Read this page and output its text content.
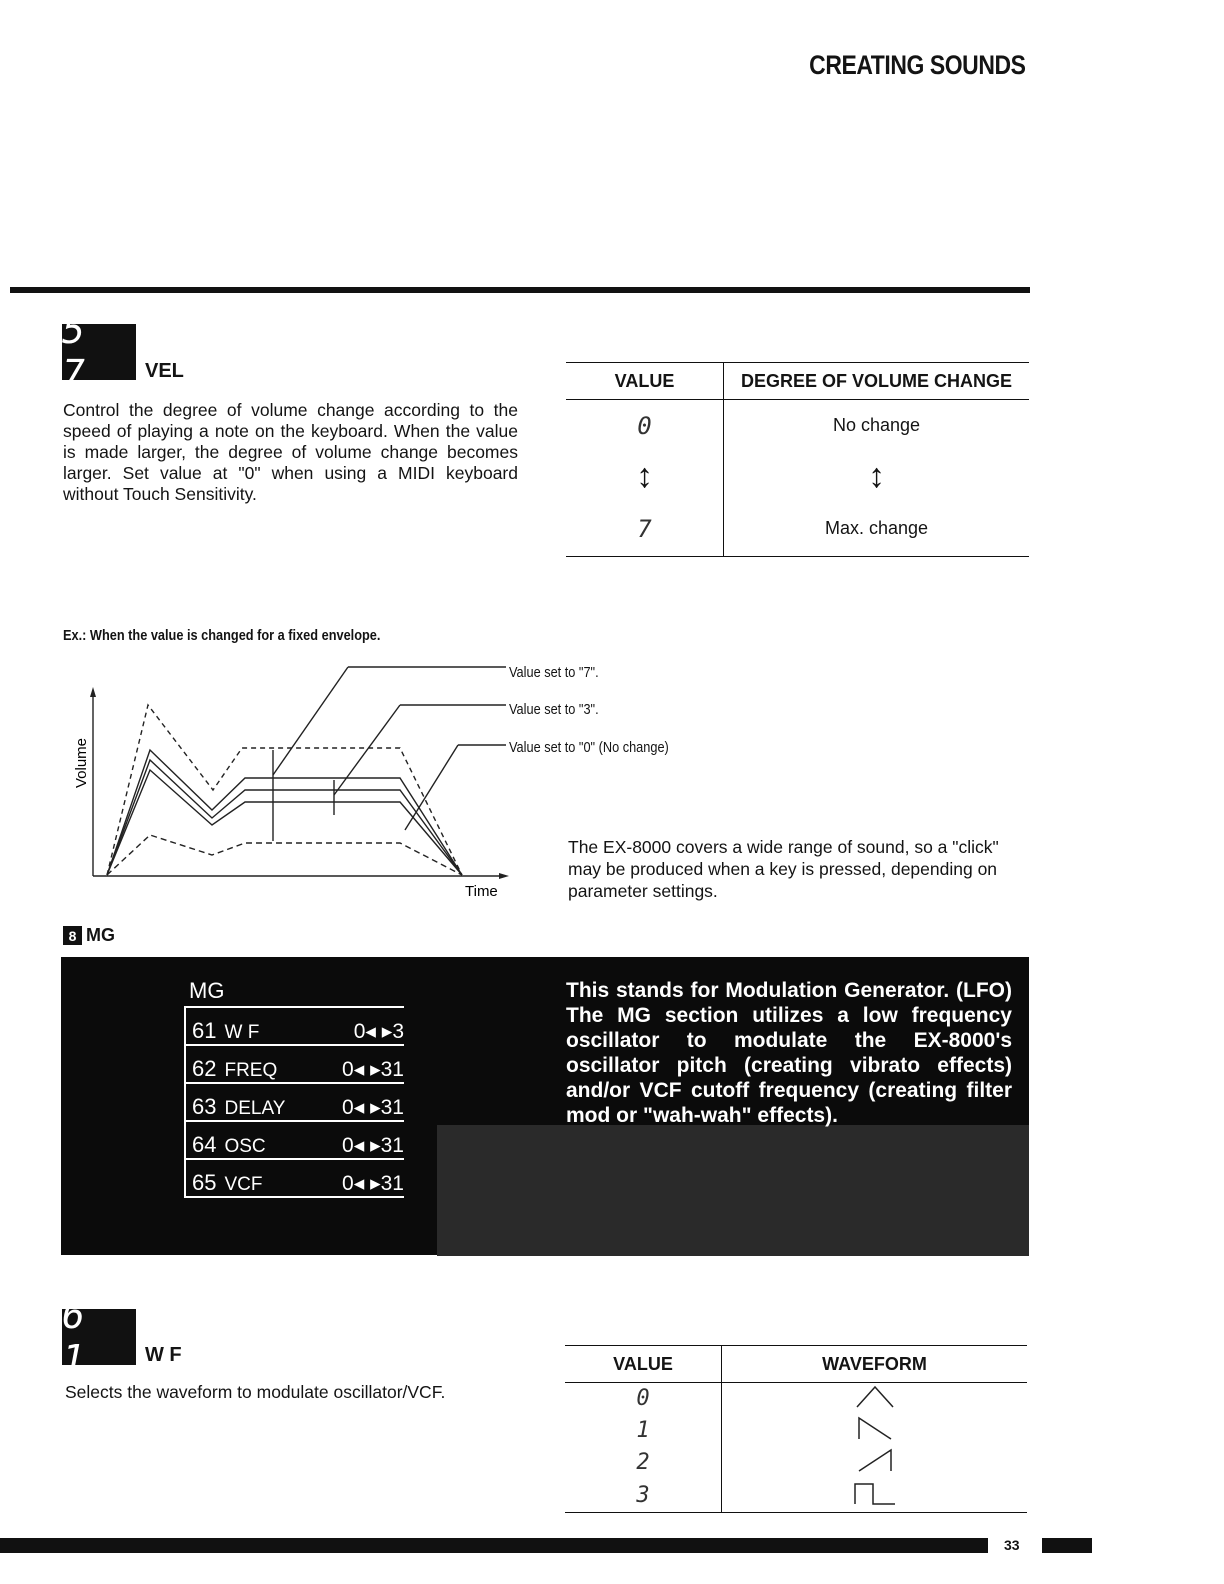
CREATING SOUNDS
5 7	VEL
Control the degree of volume change according to the speed of playing a note on the keyboard. When the value is made larger, the degree of volume change becomes larger. Set value at "0" when using a MIDI keyboard without Touch Sensitivity.
VALUE	DEGREE OF VOLUME CHANGE
0	No change
↕	↕
7	Max. change
Ex.: When the value is changed for a fixed envelope.
Volume
Time
Value set to "7".
Value set to "3".
Value set to "0" (No change)
The EX-8000 covers a wide range of sound, so a "click" may be produced when a key is pressed, depending on parameter settings.
8 MG
MG
61 W F	0◂ ▸3
62 FREQ	0◂ ▸31
63 DELAY	0◂ ▸31
64 OSC	0◂ ▸31
65 VCF	0◂ ▸31
This stands for Modulation Generator. (LFO) The MG section utilizes a low frequency oscillator to modulate the EX-8000's oscillator pitch (creating vibrato effects) and/or VCF cutoff frequency (creating filter mod or "wah-wah" effects).
6 1	W F
Selects the waveform to modulate oscillator/VCF.
VALUE	WAVEFORM
0	
1	
2	
3	
33
